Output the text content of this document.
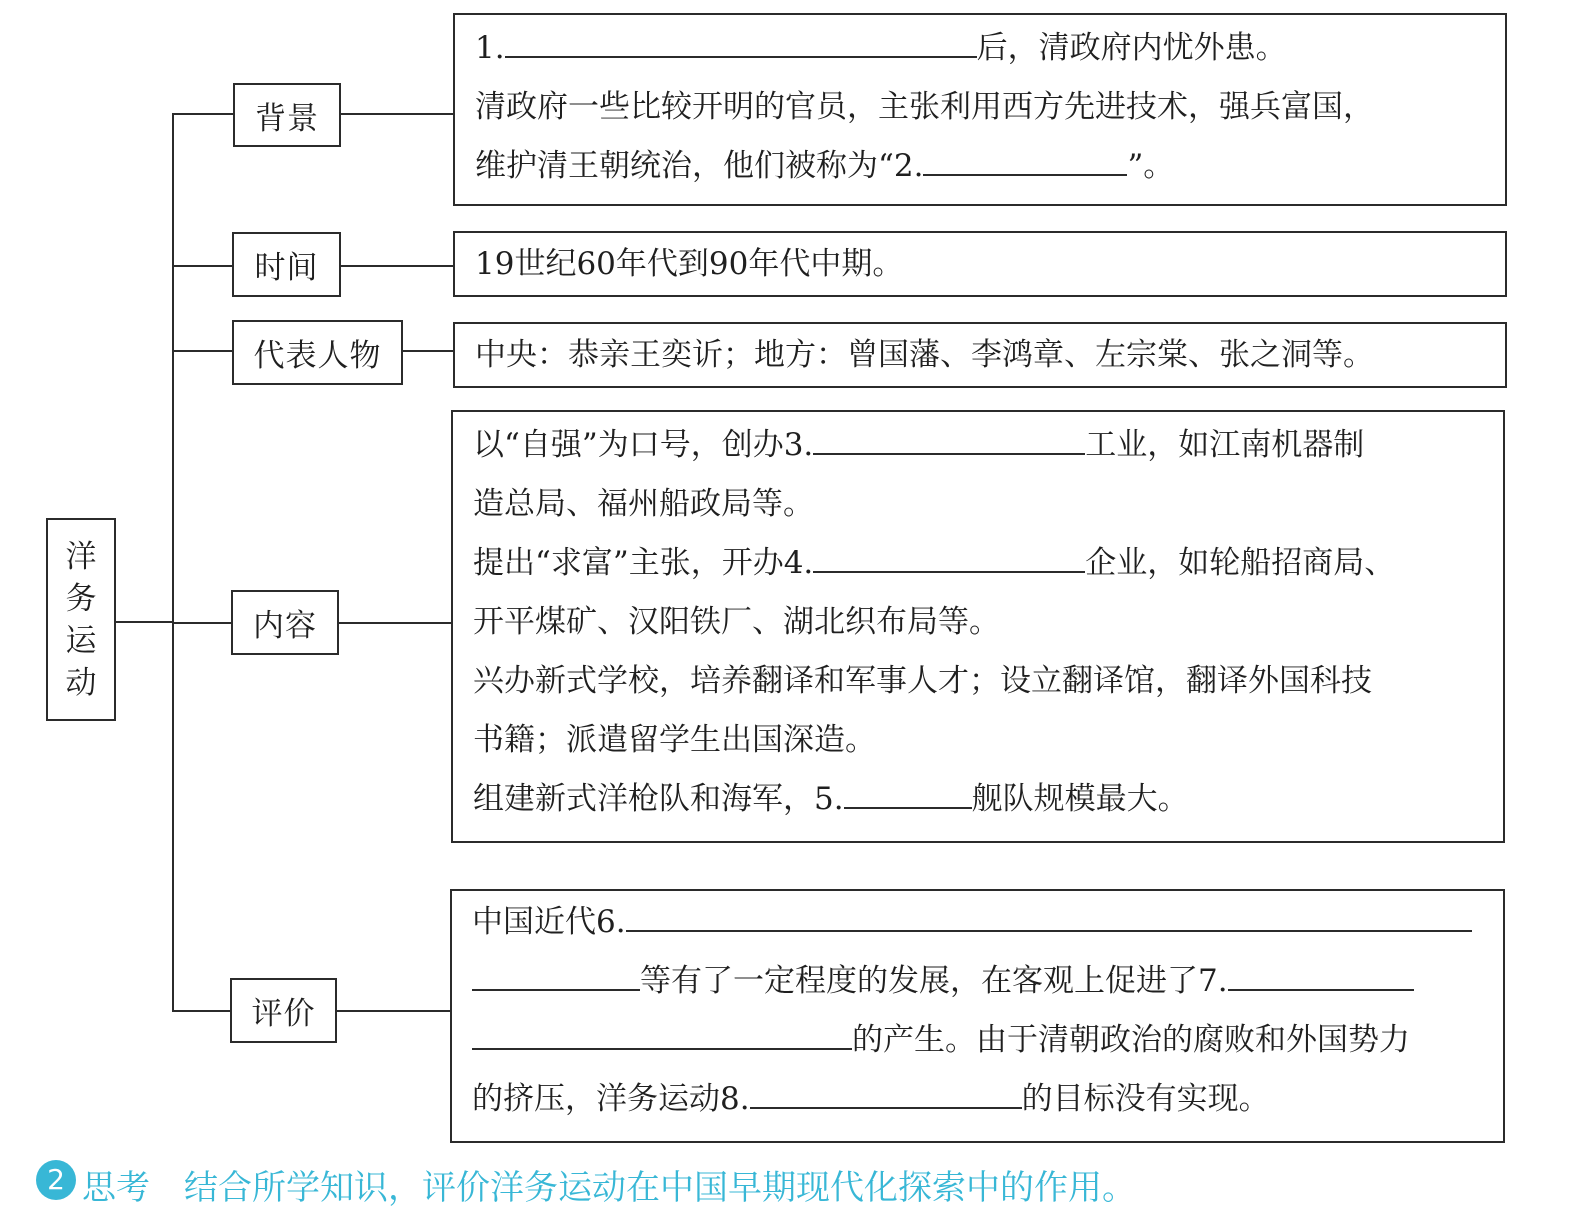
洋
务
运
动
背景
时间
代表人物
内容
评价
1.	后，清政府内忧外患。
清政府一些比较开明的官员，主张利用西方先进技术，强兵富国，
维护清王朝统治，他们被称为“2.	”。
19世纪60年代到90年代中期。
中央：恭亲王奕䜣；地方：曾国藩、李鸿章、左宗棠、张之洞等。
以“自强”为口号，创办3.	工业，如江南机器制
造总局、福州船政局等。
提出“求富”主张，开办4.	企业，如轮船招商局、
开平煤矿、汉阳铁厂、湖北织布局等。
兴办新式学校，培养翻译和军事人才；设立翻译馆，翻译外国科技
书籍；派遣留学生出国深造。
组建新式洋枪队和海军，5.	舰队规模最大。
中国近代6.
等有了一定程度的发展，在客观上促进了7.
的产生。由于清朝政治的腐败和外国势力
的挤压，洋务运动8.	的目标没有实现。
2 思考　结合所学知识，评价洋务运动在中国早期现代化探索中的作用。
